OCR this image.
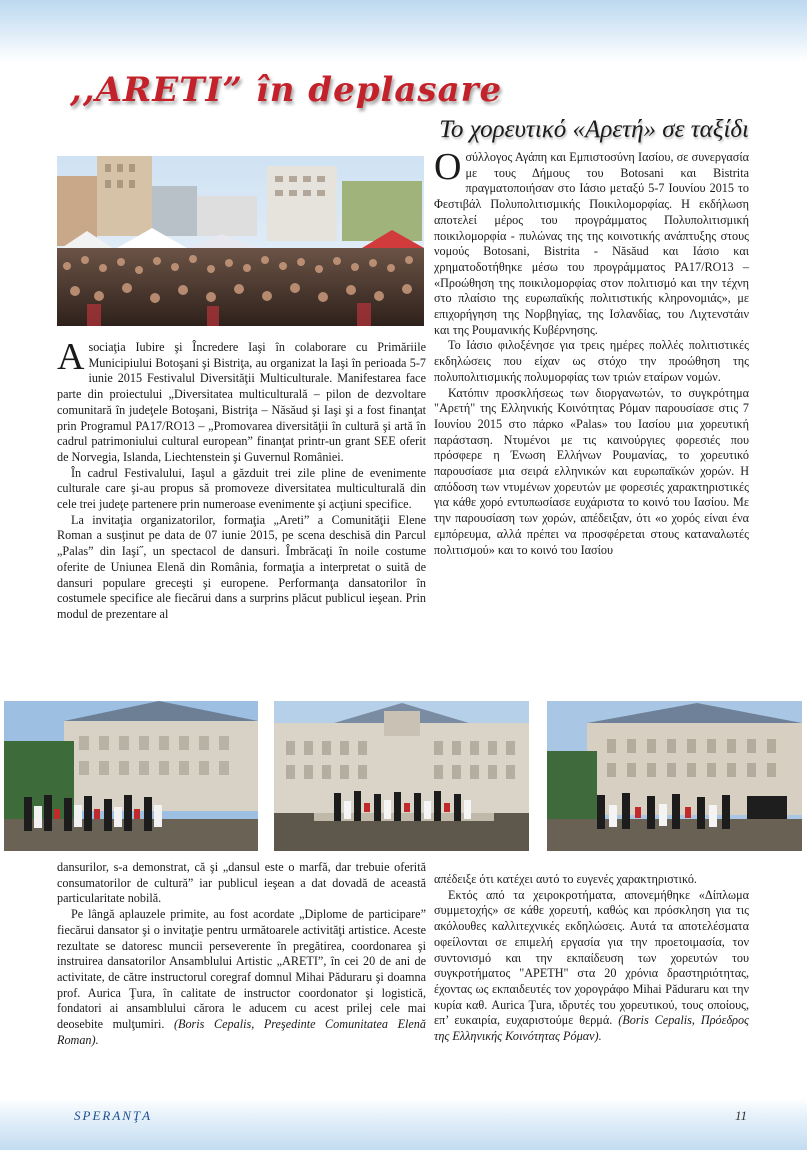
,,ARETI” în deplasare
Το χορευτικό «Αρετή» σε ταξίδι

Asociaţia Iubire şi Încredere Iaşi în colaborare cu Primăriile Municipiului Botoşani şi Bistriţa, au organizat la Iaşi în perioada 5-7 iunie 2015 Festivalul Diversităţii Multiculturale. Manifestarea face parte din proiectului „Diversitatea multiculturală – pilon de dezvoltare comunitară în judeţele Botoşani, Bistriţa – Năsăud şi Iaşi şi a fost finanţat prin Programul PA17/RO13 – „Promovarea diversităţii în cultură şi artă în cadrul patrimoniului cultural european” finanţat printr-un grant SEE oferit de Norvegia, Islanda, Liechtenstein şi Guvernul României.

În cadrul Festivalului, Iaşul a găzduit trei zile pline de evenimente culturale care şi-au propus să promoveze diversitatea multiculturală din cele trei judeţe partenere prin numeroase evenimente şi acţiuni specifice.

La invitaţia organizatorilor, formaţia „Areti” a Comunităţii Elene Roman a susţinut pe data de 07 iunie 2015, pe scena deschisă din Parcul „Palas” din Iaşi˝, un spectacol de dansuri. Îmbrăcaţi în noile costume oferite de Uniunea Elenă din România, formaţia a interpretat o suită de dansuri populare greceşti şi europene. Performanţa dansatorilor în costumele specifice ale fiecărui dans a surprins plăcut publicul ieşean. Prin modul de prezentare al

Οσύλλογος Αγάπη και Εμπιστοσύνη Ιασίου, σε συνεργασία με τους Δήμους του Botosani και Bistrita πραγματοποιήσαν στο Ιάσιο μεταξύ 5-7 Ιουνίου 2015 το Φεστιβάλ Πολυπολιτισμικής Ποικιλομορφίας. Η εκδήλωση αποτελεί μέρος του προγράμματος Πολυπολιτισμική ποικιλομορφία - πυλώνας της της κοινοτικής ανάπτυξης στους νομούς Botosani, Bistrita - Năsăud και Ιάσιο και χρηματοδοτήθηκε μέσω του προγράμματος PA17/RO13 – «Προώθηση της ποικιλομορφίας στον πολιτισμό και την τέχνη στο πλαίσιο της ευρωπαϊκής πολιτιστικής κληρονομιάς», με επιχορήγηση της Νορβηγίας, της Ισλανδίας, του Λιχτενστάιν και της Ρουμανικής Κυβέρνησης.

Το Ιάσιο φιλοξένησε για τρεις ημέρες πολλές πολιτιστικές εκδηλώσεις που είχαν ως στόχο την προώθηση της πολυπολιτισμικής πολυμορφίας των τριών εταίρων νομών.

Κατόπιν προσκλήσεως των διοργανωτών, το συγκρότημα "Αρετή" της Ελληνικής Κοινότητας Ρόμαν παρουσίασε στις 7 Ιουνίου 2015 στο πάρκο «Palas» του Ιασίου μια χορευτική παράσταση. Ντυμένοι με τις καινούργιες φορεσιές που πρόσφερε η Ένωση Ελλήνων Ρουμανίας, το χορευτικό παρουσίασε μια σειρά ελληνικών και ευρωπαϊκών χορών. Η απόδοση των ντυμένων χορευτών με φορεσιές χαρακτηριστικές για κάθε χορό εντυπωσίασε ευχάριστα το κοινό του Ιασίου. Με την παρουσίαση των χορών, απέδειξαν, ότι «ο χορός είναι ένα εμπόρευμα, αλλά πρέπει να προσφέρεται στους καταναλωτές πολιτισμού» και το κοινό του Ιασίου

dansurilor, s-a demonstrat, că şi „dansul este o marfă, dar trebuie oferită consumatorilor de cultură” iar publicul ieşean a dat dovadă de această particularitate nobilă.

Pe lângă aplauzele primite, au fost acordate „Diplome de participare” fiecărui dansator şi o invitaţie pentru următoarele activităţi artistice. Aceste rezultate se datoresc muncii perseverente în pregătirea, coordonarea şi instruirea dansatorilor Ansamblului Artistic „ARETI”, în cei 20 de ani de activitate, de către instructorul coregraf domnul Mihai Păduraru şi doamna prof. Aurica Ţura, în calitate de instructor coordonator şi logistică, fondatori ai ansamblului cărora le aducem cu acest prilej cele mai deosebite mulţumiri. (Boris Cepalis, Preşedinte Comunitatea Elenă Roman).

απέδειξε ότι κατέχει αυτό το ευγενές χαρακτηριστικό.

Εκτός από τα χειροκροτήματα, απονεμήθηκε «Δίπλωμα συμμετοχής» σε κάθε χορευτή, καθώς και πρόσκληση για τις ακόλουθες καλλιτεχνικές εκδηλώσεις. Αυτά τα αποτελέσματα οφείλονται σε επιμελή εργασία για την προετοιμασία, τον συντονισμό και την εκπαίδευση των χορευτών του συγκροτήματος "ΑΡΕΤΗ" στα 20 χρόνια δραστηριότητας, έχοντας ως εκπαιδευτές τον χορογράφο Mihai Păduraru και την κυρία καθ. Aurica Ţura, ιδρυτές του χορευτικού, τους οποίους, επ’ ευκαιρία, ευχαριστούμε θερμά. (Boris Cepalis, Πρόεδρος της Ελληνικής Κοινότητας Ρόμαν).

SPERANŢA	11
